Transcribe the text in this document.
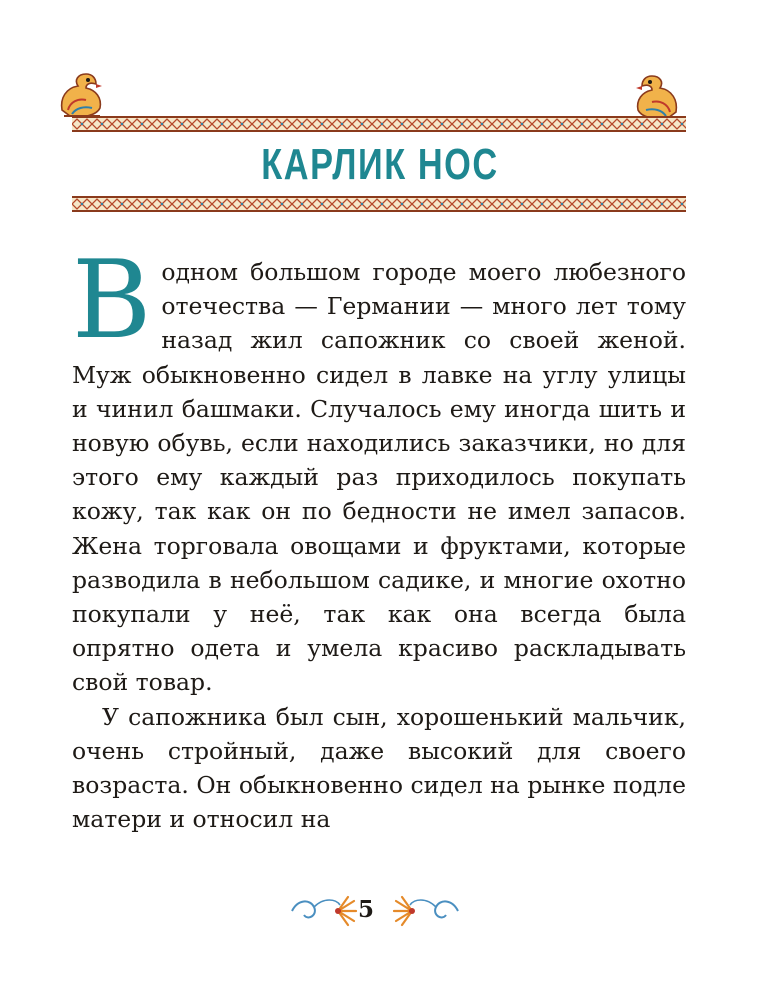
КАРЛИК НОС

Водном большом городе моего любезного отечества — Германии — много лет тому назад жил сапожник со своей женой. Муж обыкновенно сидел в лавке на углу улицы и чинил башмаки. Случалось ему иногда шить и новую обувь, если находились заказчики, но для этого ему каждый раз приходилось покупать кожу, так как он по бедности не имел запасов. Жена торговала овощами и фруктами, которые разводила в небольшом садике, и многие охотно покупали у неё, так как она всегда была опрятно одета и умела красиво раскладывать свой товар.

У сапожника был сын, хорошенький мальчик, очень стройный, даже высокий для своего возраста. Он обыкновенно сидел на рынке подле матери и относил на

5
